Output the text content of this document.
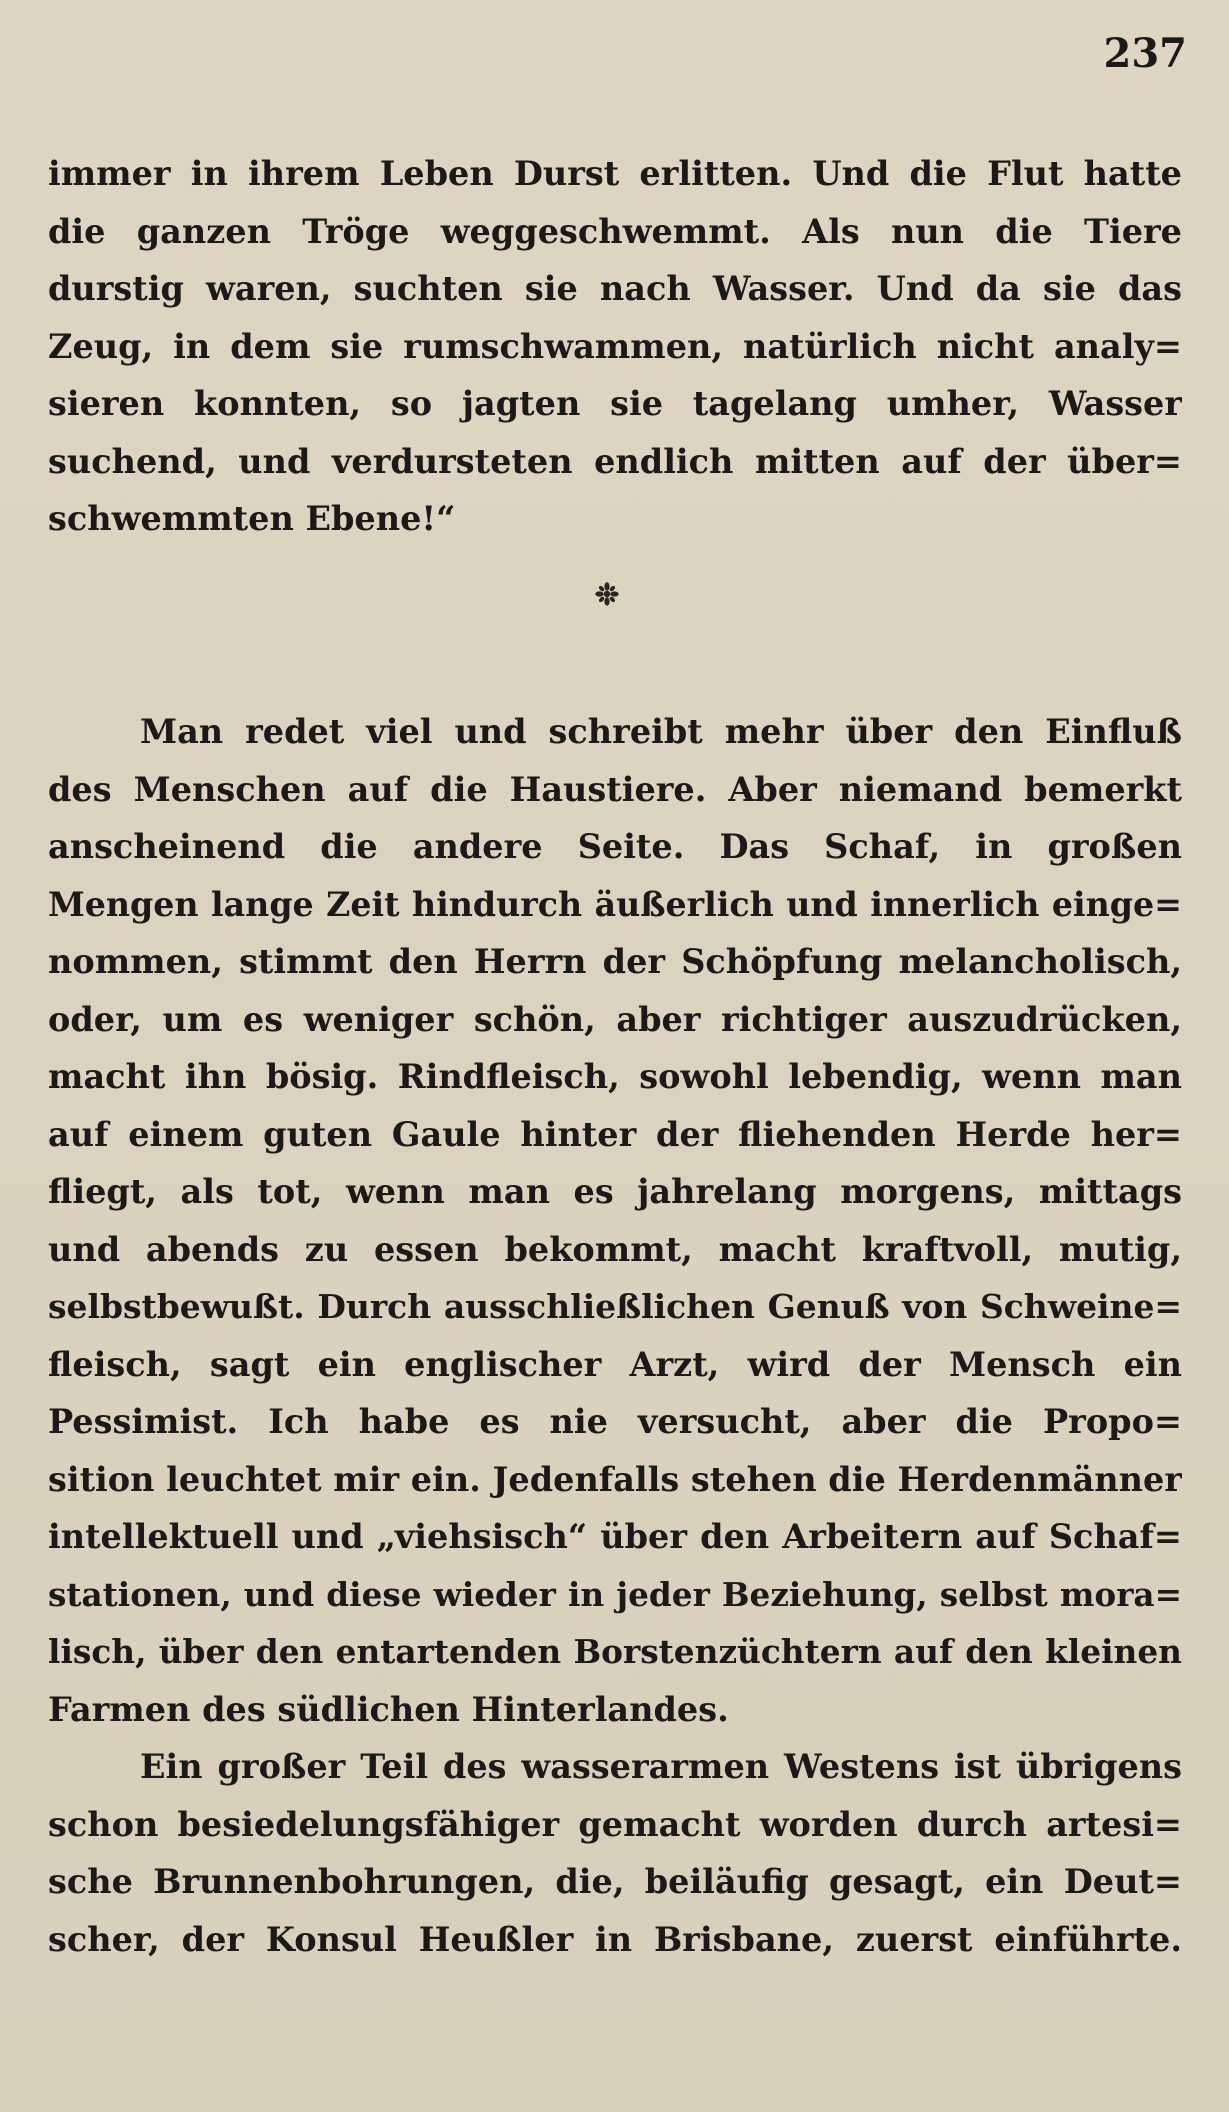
237
immer in ihrem Leben Durst erlitten. Und die Flut hatte
die ganzen Tröge weggeschwemmt. Als nun die Tiere
durstig waren, suchten sie nach Wasser. Und da sie das
Zeug, in dem sie rumschwammen, natürlich nicht analy=
sieren konnten, so jagten sie tagelang umher, Wasser
suchend, und verdursteten endlich mitten auf der über=
schwemmten Ebene!“
Man redet viel und schreibt mehr über den Einfluß
des Menschen auf die Haustiere. Aber niemand bemerkt
anscheinend die andere Seite. Das Schaf, in großen
Mengen lange Zeit hindurch äußerlich und innerlich einge=
nommen, stimmt den Herrn der Schöpfung melancholisch,
oder, um es weniger schön, aber richtiger auszudrücken,
macht ihn bösig. Rindfleisch, sowohl lebendig, wenn man
auf einem guten Gaule hinter der fliehenden Herde her=
fliegt, als tot, wenn man es jahrelang morgens, mittags
und abends zu essen bekommt, macht kraftvoll, mutig,
selbstbewußt. Durch ausschließlichen Genuß von Schweine=
fleisch, sagt ein englischer Arzt, wird der Mensch ein
Pessimist. Ich habe es nie versucht, aber die Propo=
sition leuchtet mir ein. Jedenfalls stehen die Herdenmänner
intellektuell und „viehsisch“ über den Arbeitern auf Schaf=
stationen, und diese wieder in jeder Beziehung, selbst mora=
lisch, über den entartenden Borstenzüchtern auf den kleinen
Farmen des südlichen Hinterlandes.
Ein großer Teil des wasserarmen Westens ist übrigens
schon besiedelungsfähiger gemacht worden durch artesi=
sche Brunnenbohrungen, die, beiläufig gesagt, ein Deut=
scher, der Konsul Heußler in Brisbane, zuerst einführte.
